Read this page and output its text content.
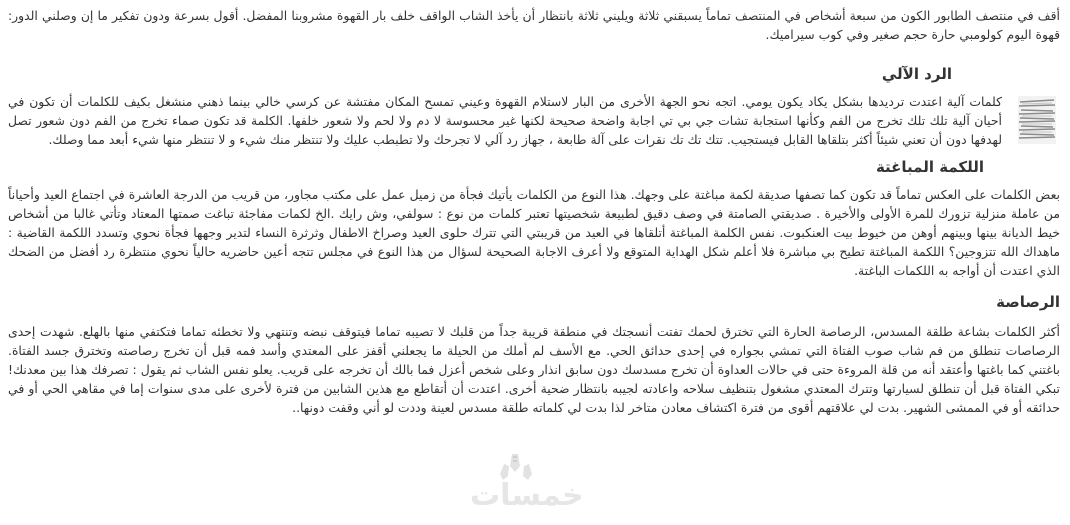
أقف في منتصف الطابور الكون من سبعة أشخاص في المنتصف تماماً يسبقني ثلاثة ويليني ثلاثة بانتظار أن يأخذ الشاب الواقف خلف بار القهوة مشروبنا المفضل. أقول بسرعة ودون تفكير ما إن وصلني الدور: قهوة اليوم كولومبي حارة حجم صغير وفي كوب سيراميك.

الرد الآلي

كلمات آلية اعتدت ترديدها بشكل يكاد يكون يومي. اتجه نحو الجهة الأخرى من البار لاستلام القهوة وعيني تمسح المكان مفتشة عن كرسي خالي بينما ذهني منشغل بكيف للكلمات أن تكون في أحيان آلية تلك تلك تخرج من الفم وكأنها استجابة تشات جي بي تي اجابة واضحة صحيحة لكنها غير محسوسة لا دم ولا لحم ولا شعور خلفها. الكلمة قد تكون صماء تخرج من الفم دون شعور تصل لهدفها دون أن تعني شيئاً أكثر بتلقاها القابل فيستجيب. تتك تك تك نقرات على آلة طابعة ، جهاز رد آلي لا تجرحك ولا تطبطب عليك ولا تنتظر منك شيء و لا تنتظر منها شيء أبعد مما وصلك.

اللكمة المباغتة

بعض الكلمات على العكس تماماً قد تكون كما تصفها صديقة لكمة مباغتة على وجهك. هذا النوع من الكلمات يأتيك فجأة من زميل عمل على مكتب مجاور، من قريب من الدرجة العاشرة في اجتماع العيد وأحياناً من عاملة منزلية تزورك للمرة الأولى والأخيرة . صديقتي الصامتة في وصف دقيق لطبيعة شخصيتها تعتبر كلمات من نوع : سولفي، وش رايك .الخ لكمات مفاجئة تباغت صمتها المعتاد وتأتي غالبا من أشخاص خيط الديانة بينها وبينهم أوهن من خيوط بيت العنكبوت. نفس الكلمة المباغتة أتلقاها في العيد من قريبتي التي تترك حلوى العيد وصراخ الاطفال وثرثرة النساء لتدير وجهها فجأة نحوي وتسدد اللكمة القاضية : ماهداك الله تتزوجين؟ اللكمة المباغتة تطيح بي مباشرة فلا أعلم شكل الهداية المتوقع ولا أعرف الاجابة الصحيحة لسؤال من هذا النوع في مجلس تتجه أعين حاضريه حالياً نحوي منتظرة رد أفضل من الضحك الذي اعتدت أن أواجه به اللكمات الباغتة.

الرصاصة

أكثر الكلمات بشاعة طلقة المسدس، الرصاصة الحارة التي تخترق لحمك تفتت أنسجتك في منطقة قريبة جداً من قلبك لا تصيبه تماما فيتوقف نبضه وتنتهي ولا تخطئه تماما فتكتفي منها بالهلع. شهدت إحدى الرصاصات تنطلق من فم شاب صوب الفتاة التي تمشي بجواره في إحدى حدائق الحي. مع الأسف لم أملك من الحيلة ما يجعلني أقفز على المعتدي وأسد فمه قبل أن تخرج رصاصته وتخترق جسد الفتاة. باغتني كما باغتها وأعتقد أنه من قلة المروءة حتى في حالات العداوة أن تخرج مسدسك دون سابق انذار وعلى شخص أعزل فما بالك أن تخرجه على قريب. يعلو نفس الشاب ثم يقول : تصرفك هذا بين معدنك! تبكي الفتاة قبل أن تنطلق لسيارتها وتترك المعتدي مشغول بتنظيف سلاحه واعادته لجيبه بانتظار ضحية أخرى. اعتدت أن أتقاطع مع هذين الشابين من فترة لأخرى على مدى سنوات إما في مقاهي الحي أو في حدائقه أو في الممشى الشهير. بدت لي علاقتهم أقوى من فترة اكتشاف معادن متاخر لذا بدت لي كلماته طلقة مسدس لعينة وددت لو أني وقفت دونها..

خمسات
